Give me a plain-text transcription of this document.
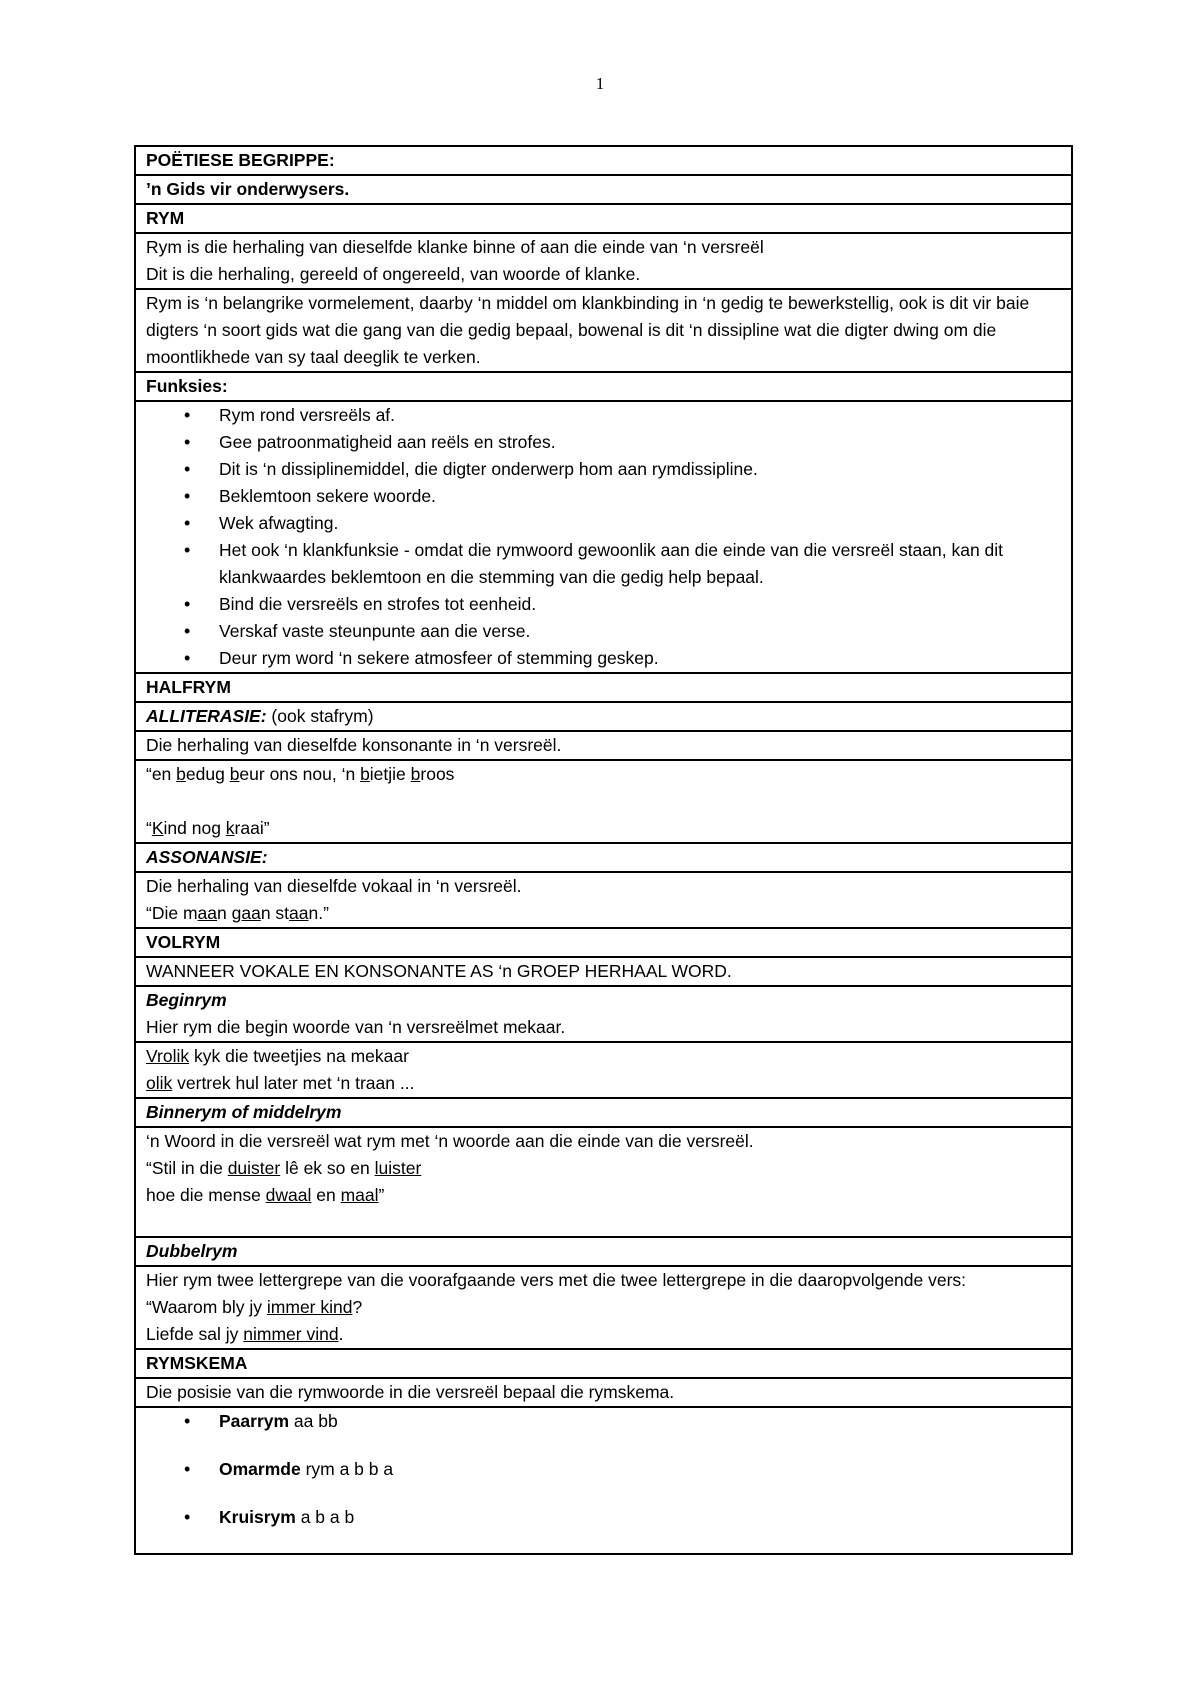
1
POËTIESE BEGRIPPE:
’n Gids vir onderwysers.
RYM
Rym is die herhaling van dieselfde klanke binne of aan die einde van ‘n versreël
Dit is die herhaling, gereeld of ongereeld, van woorde of klanke.
Rym is ‘n belangrike vormelement, daarby ‘n middel om klankbinding in ‘n gedig te bewerkstellig, ook is dit vir baie digters ‘n soort gids wat die gang van die gedig bepaal, bowenal is dit ‘n dissipline wat die digter dwing om die moontlikhede van sy taal deeglik te verken.
Funksies:
• Rym rond versreëls af.
• Gee patroonmatigheid aan reëls en strofes.
• Dit is ‘n dissiplinemiddel, die digter onderwerp hom aan rymdissipline.
• Beklemtoon sekere woorde.
• Wek afwagting.
• Het ook ‘n klankfunksie - omdat die rymwoord gewoonlik aan die einde van die versreël staan, kan dit klankwaardes beklemtoon en die stemming van die gedig help bepaal.
• Bind die versreëls en strofes tot eenheid.
• Verskaf vaste steunpunte aan die verse.
• Deur rym word ‘n sekere atmosfeer of stemming geskep.
HALFRYM
ALLITERASIE: (ook stafrym)
Die herhaling van dieselfde konsonante in ‘n versreël.
“en bedug beur ons nou, ‘n bietjie broos
“Kind nog kraai”
ASSONANSIE:
Die herhaling van dieselfde vokaal in ‘n versreël.
“Die maan gaan staan.”
VOLRYM
WANNEER VOKALE EN KONSONANTE AS ‘n GROEP HERHAAL WORD.
Beginrym
Hier rym die begin woorde van ‘n versreëlmet mekaar.
Vrolik kyk die tweetjies na mekaar
olik vertrek hul later met ‘n traan ...
Binnerym of middelrym
‘n Woord in die versreël wat rym met ‘n woorde aan die einde van die versreël.
“Stil in die duister lê ek so en luister
hoe die mense dwaal en maal”
Dubbelrym
Hier rym twee lettergrepe van die voorafgaande vers met die twee lettergrepe in die daaropvolgende vers:
“Waarom bly jy immer kind?
Liefde sal jy nimmer vind.
RYMSKEMA
Die posisie van die rymwoorde in die versreël bepaal die rymskema.
• Paarrym aa bb
• Omarmde rym a b b a
• Kruisrym a b a b
